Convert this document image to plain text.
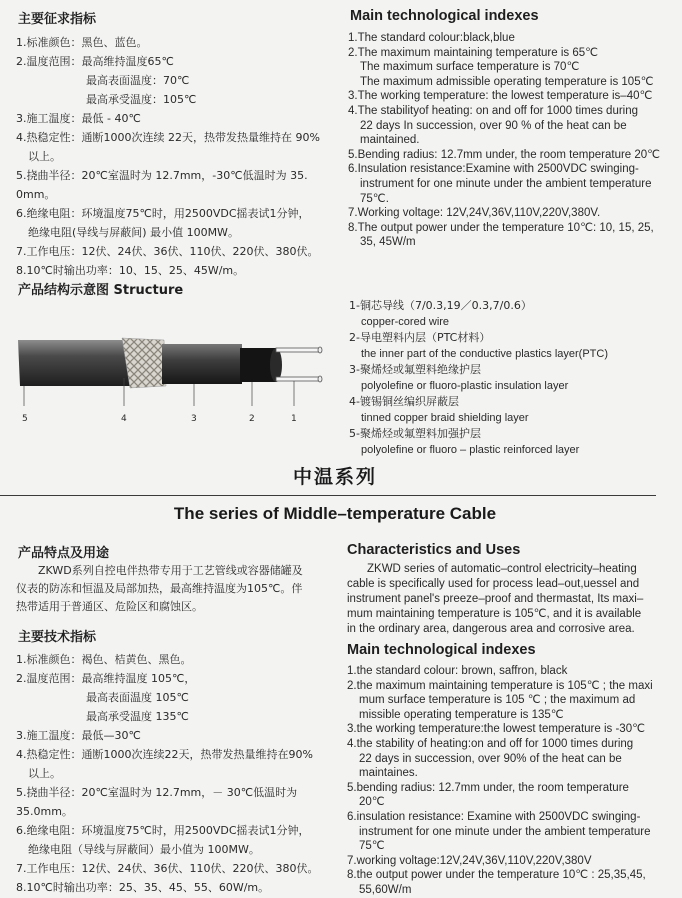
主要征求指标
1.标准颜色：黑色、蓝色。
2.温度范围：最高维持温度65℃
最高表面温度：70℃
最高承受温度：105℃
3.施工温度：最低 - 40℃
4.热稳定性：通断1000次连续 22天，热带发热量维持在 90%
以上。
5.挠曲半径：20℃室温时为 12.7mm，-30℃低温时为 35.
0mm。
6.绝缘电阻：环境温度75℃时，用2500VDC摇表试1分钟，
绝缘电阻(导线与屏蔽间) 最小值 100MW。
7.工作电压：12伏、24伏、36伏、110伏、220伏、380伏。
8.10℃时输出功率：10、15、25、45W/m。
Main technological indexes
1.The standard colour:black,blue
2.The maximum maintaining temperature is 65℃
The maximum surface temperature is 70℃
The maximum admissible operating temperature is 105℃
3.The working temperature: the lowest temperature is–40℃
4.The stabilityof heating: on and off for 1000 times during
22 days In succession, over 90 % of the heat can be
maintained.
5.Bending radius: 12.7mm under, the room temperature 20℃
6.Insulation resistance:Examine with 2500VDC swinging-
instrument for one minute under the ambient temperature
75℃.
7.Working voltage: 12V,24V,36V,110V,220V,380V.
8.The output power under the temperature 10℃: 10, 15, 25,
35, 45W/m
产品结构示意图 Structure
5	4	3	2	1
1-铜芯导线（7/0.3,19／0.3,7/0.6）
copper-cored wire
2-导电塑料内层（PTC材料）
the inner part of the conductive plastics layer(PTC)
3-聚烯烃或氟塑料绝缘护层
polyolefine or fluoro-plastic insulation layer
4-镀锡铜丝编织屏蔽层
tinned copper braid shielding layer
5-聚烯烃或氟塑料加强护层
polyolefine or fluoro – plastic reinforced layer
中温系列
The series of Middle–temperature Cable
产品特点及用途
ZKWD系列自控电伴热带专用于工艺管线或容器储罐及
仪表的防冻和恒温及局部加热，最高维持温度为105℃。伴
热带适用于普通区、危险区和腐蚀区。
主要技术指标
1.标准颜色：褐色、桔黄色、黑色。
2.温度范围：最高维持温度 105℃，
最高表面温度 105℃
最高承受温度 135℃
3.施工温度：最低—30℃
4.热稳定性：通断1000次连续22天，热带发热量维持在90%
以上。
5.挠曲半径：20℃室温时为 12.7mm，－ 30℃低温时为
35.0mm。
6.绝缘电阻：环境温度75℃时，用2500VDC摇表试1分钟，
绝缘电阻（导线与屏蔽间）最小值为 100MW。
7.工作电压：12伏、24伏、36伏、110伏、220伏、380伏。
8.10℃时输出功率：25、35、45、55、60W/m。
Characteristics and Uses
ZKWD series of automatic–control electricity–heating
cable is specifically used for process lead–out,uessel and
instrument panel's preeze–proof and thermastat, Its maxi–
mum maintaining temperature is 105℃, and it is available
in the ordinary area, dangerous area and corrosive area.
Main technological indexes
1.the standard colour: brown, saffron, black
2.the maximum maintaining temperature is 105℃ ; the maxi
mum surface temperature is 105 ℃ ; the maximum ad
missible operating temperature is 135℃
3.the working temperature:the lowest temperature is -30℃
4.the stability of heating:on and off for 1000 times during
22 days in succession, over 90% of the heat can be
maintaines.
5.bending radius: 12.7mm under, the room temperature
20℃
6.insulation resistance: Examine with 2500VDC swinging-
instrument for one minute under the ambient temperature
75℃
7.working voltage:12V,24V,36V,110V,220V,380V
8.the output power under the temperature 10℃ : 25,35,45,
55,60W/m
